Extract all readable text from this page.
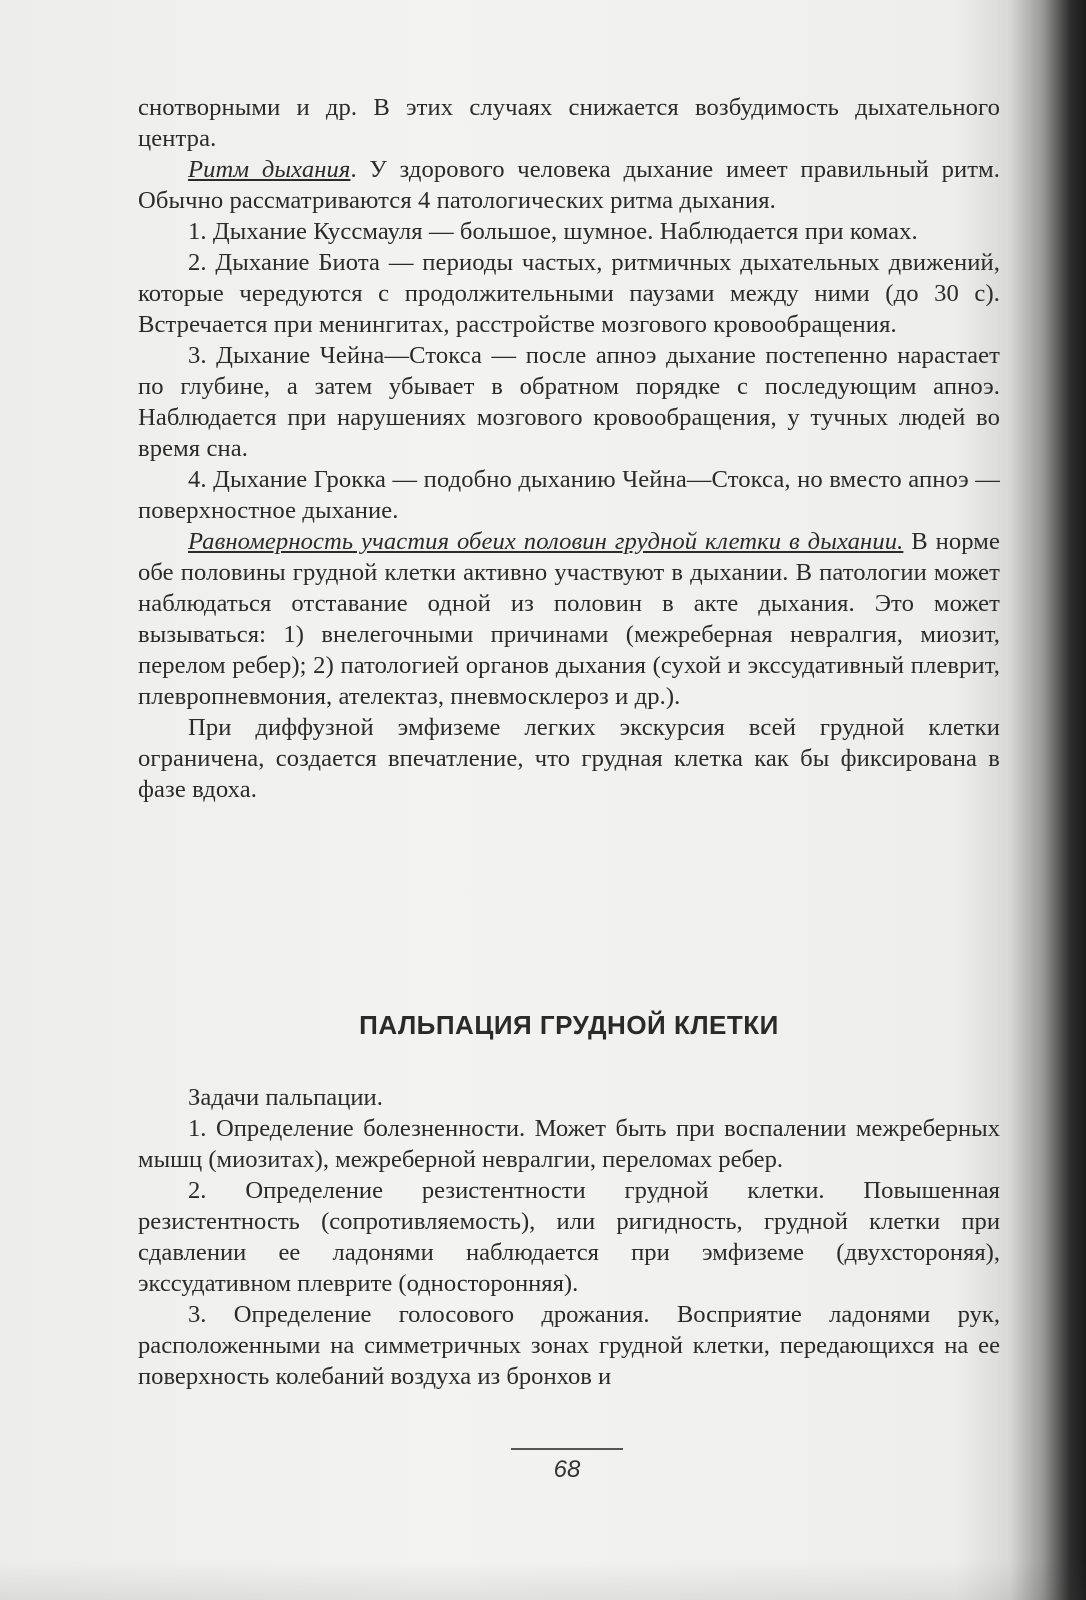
снотворными и др. В этих случаях снижается возбудимость дыхательного центра.

Ритм дыхания. У здорового человека дыхание имеет правильный ритм. Обычно рассматриваются 4 патологических ритма дыхания.

1. Дыхание Куссмауля — большое, шумное. Наблюдается при комах.

2. Дыхание Биота — периоды частых, ритмичных дыхательных движений, которые чередуются с продолжительными паузами между ними (до 30 с). Встречается при менингитах, расстройстве мозгового кровообращения.

3. Дыхание Чейна—Стокса — после апноэ дыхание постепенно нарастает по глубине, а затем убывает в обратном порядке с последующим апноэ. Наблюдается при нарушениях мозгового кровообращения, у тучных людей во время сна.

4. Дыхание Грокка — подобно дыханию Чейна—Стокса, но вместо апноэ — поверхностное дыхание.

Равномерность участия обеих половин грудной клетки в дыхании. В норме обе половины грудной клетки активно участвуют в дыхании. В патологии может наблюдаться отставание одной из половин в акте дыхания. Это может вызываться: 1) внелегочными причинами (межреберная невралгия, миозит, перелом ребер); 2) патологией органов дыхания (сухой и экссудативный плеврит, плевропневмония, ателектаз, пневмосклероз и др.).

При диффузной эмфиземе легких экскурсия всей грудной клетки ограничена, создается впечатление, что грудная клетка как бы фиксирована в фазе вдоха.

ПАЛЬПАЦИЯ ГРУДНОЙ КЛЕТКИ

Задачи пальпации.

1. Определение болезненности. Может быть при воспалении межреберных мышц (миозитах), межреберной невралгии, переломах ребер.

2. Определение резистентности грудной клетки. Повышенная резистентность (сопротивляемость), или ригидность, грудной клетки при сдавлении ее ладонями наблюдается при эмфиземе (двухстороняя), экссудативном плеврите (односторонняя).

3. Определение голосового дрожания. Восприятие ладонями рук, расположенными на симметричных зонах грудной клетки, передающихся на ее поверхность колебаний воздуха из бронхов и

68
